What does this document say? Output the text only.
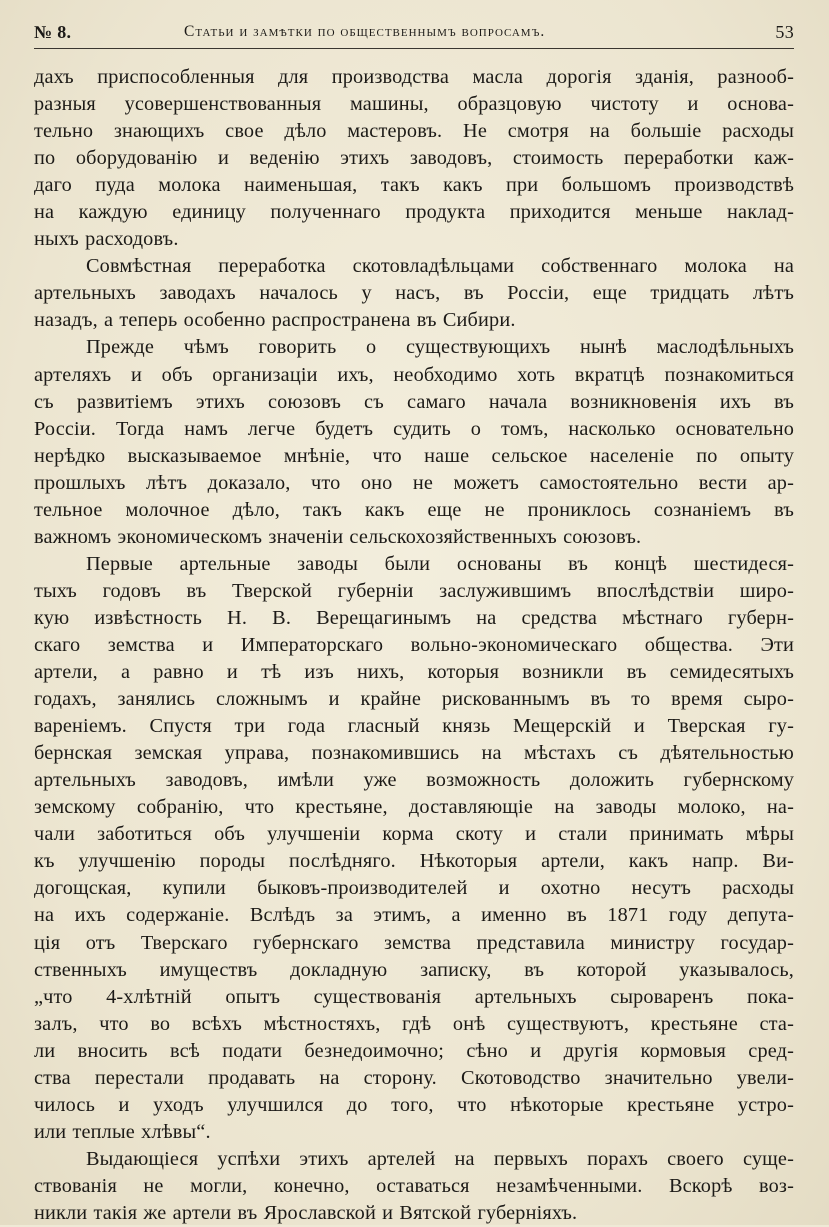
№ 8.	Статьи и замѣтки по общественнымъ вопросамъ.	53

дахъ приспособленныя для производства масла дорогія зданія, разнооб-
разныя усовершенствованныя машины, образцовую чистоту и основа-
тельно знающихъ свое дѣло мастеровъ. Не смотря на большіе расходы
по оборудованію и веденію этихъ заводовъ, стоимость переработки каж-
даго пуда молока наименьшая, такъ какъ при большомъ производствѣ
на каждую единицу полученнаго продукта приходится меньше наклад-
ныхъ расходовъ.

Совмѣстная переработка скотовладѣльцами собственнаго молока на
артельныхъ заводахъ началось у насъ, въ Россіи, еще тридцать лѣтъ
назадъ, а теперь особенно распространена въ Сибири.

Прежде чѣмъ говорить о существующихъ нынѣ маслодѣльныхъ
артеляхъ и объ организаціи ихъ, необходимо хоть вкратцѣ познакомиться
съ развитіемъ этихъ союзовъ съ самаго начала возникновенія ихъ въ
Россіи. Тогда намъ легче будетъ судить о томъ, насколько основательно
нерѣдко высказываемое мнѣніе, что наше сельское населеніе по опыту
прошлыхъ лѣтъ доказало, что оно не можетъ самостоятельно вести ар-
тельное молочное дѣло, такъ какъ еще не прониклось сознаніемъ въ
важномъ экономическомъ значеніи сельскохозяйственныхъ союзовъ.

Первые артельные заводы были основаны въ концѣ шестидеся-
тыхъ годовъ въ Тверской губерніи заслужившимъ впослѣдствіи широ-
кую извѣстность Н. В. Верещагинымъ на средства мѣстнаго губерн-
скаго земства и Императорскаго вольно-экономическаго общества. Эти
артели, а равно и тѣ изъ нихъ, которыя возникли въ семидесятыхъ
годахъ, занялись сложнымъ и крайне рискованнымъ въ то время сыро-
вареніемъ. Спустя три года гласный князь Мещерскій и Тверская гу-
бернская земская управа, познакомившись на мѣстахъ съ дѣятельностью
артельныхъ заводовъ, имѣли уже возможность доложить губернскому
земскому собранію, что крестьяне, доставляющіе на заводы молоко, на-
чали заботиться объ улучшеніи корма скоту и стали принимать мѣры
къ улучшенію породы послѣдняго. Нѣкоторыя артели, какъ напр. Ви-
догощская, купили быковъ-производителей и охотно несутъ расходы
на ихъ содержаніе. Вслѣдъ за этимъ, а именно въ 1871 году депута-
ція отъ Тверскаго губернскаго земства представила министру государ-
ственныхъ имуществъ докладную записку, въ которой указывалось,
„что 4-хлѣтній опытъ существованія артельныхъ сыроваренъ пока-
залъ, что во всѣхъ мѣстностяхъ, гдѣ онѣ существуютъ, крестьяне ста-
ли вносить всѣ подати безнедоимочно; сѣно и другія кормовыя сред-
ства перестали продавать на сторону. Скотоводство значительно увели-
чилось и уходъ улучшился до того, что нѣкоторые крестьяне устро-
или теплые хлѣвы“.

Выдающіеся успѣхи этихъ артелей на первыхъ порахъ своего суще-
ствованія не могли, конечно, оставаться незамѣченными. Вскорѣ воз-
никли такія же артели въ Ярославской и Вятской губерніяхъ.
